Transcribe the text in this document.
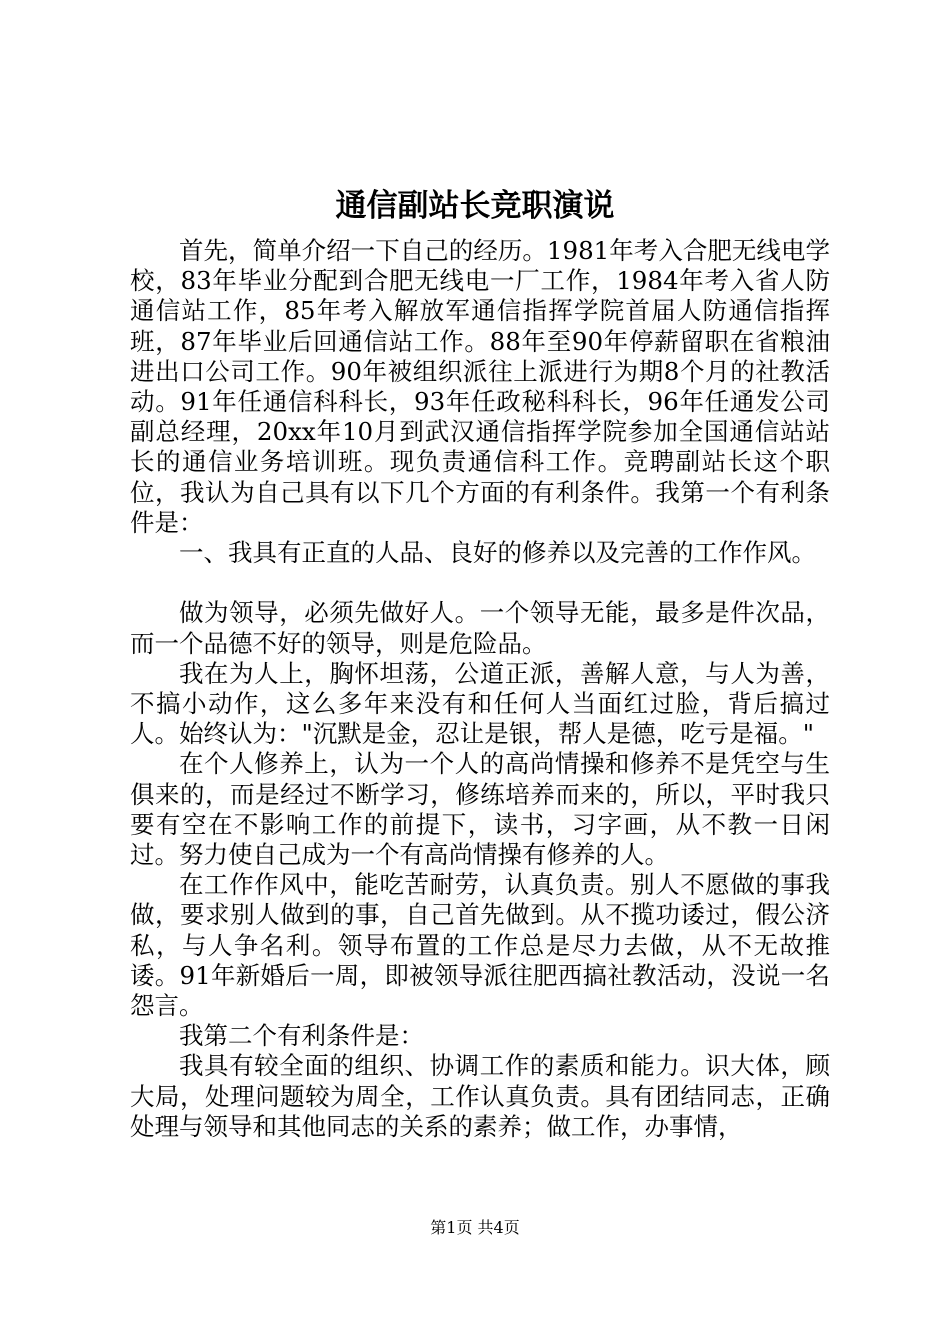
通信副站长竞职演说

首先，简单介绍一下自己的经历。1981年考入合肥无线电学校，83年毕业分配到合肥无线电一厂工作，1984年考入省人防通信站工作，85年考入解放军通信指挥学院首届人防通信指挥班，87年毕业后回通信站工作。88年至90年停薪留职在省粮油进出口公司工作。90年被组织派往上派进行为期8个月的社教活动。91年任通信科科长，93年任政秘科科长，96年任通发公司副总经理，20xx年10月到武汉通信指挥学院参加全国通信站站长的通信业务培训班。现负责通信科工作。竞聘副站长这个职位，我认为自己具有以下几个方面的有利条件。我第一个有利条件是：

一、我具有正直的人品、良好的修养以及完善的工作作风。

做为领导，必须先做好人。一个领导无能，最多是件次品，而一个品德不好的领导，则是危险品。

我在为人上，胸怀坦荡，公道正派，善解人意，与人为善，不搞小动作，这么多年来没有和任何人当面红过脸，背后搞过人。始终认为："沉默是金，忍让是银，帮人是德，吃亏是福。"

在个人修养上，认为一个人的高尚情操和修养不是凭空与生俱来的，而是经过不断学习，修练培养而来的，所以，平时我只要有空在不影响工作的前提下，读书，习字画，从不教一日闲过。努力使自己成为一个有高尚情操有修养的人。

在工作作风中，能吃苦耐劳，认真负责。别人不愿做的事我做，要求别人做到的事，自己首先做到。从不揽功诿过，假公济私，与人争名利。领导布置的工作总是尽力去做，从不无故推诿。91年新婚后一周，即被领导派往肥西搞社教活动，没说一名怨言。

我第二个有利条件是：

我具有较全面的组织、协调工作的素质和能力。识大体，顾大局，处理问题较为周全，工作认真负责。具有团结同志，正确处理与领导和其他同志的关系的素养；做工作，办事情，

第1页 共4页
